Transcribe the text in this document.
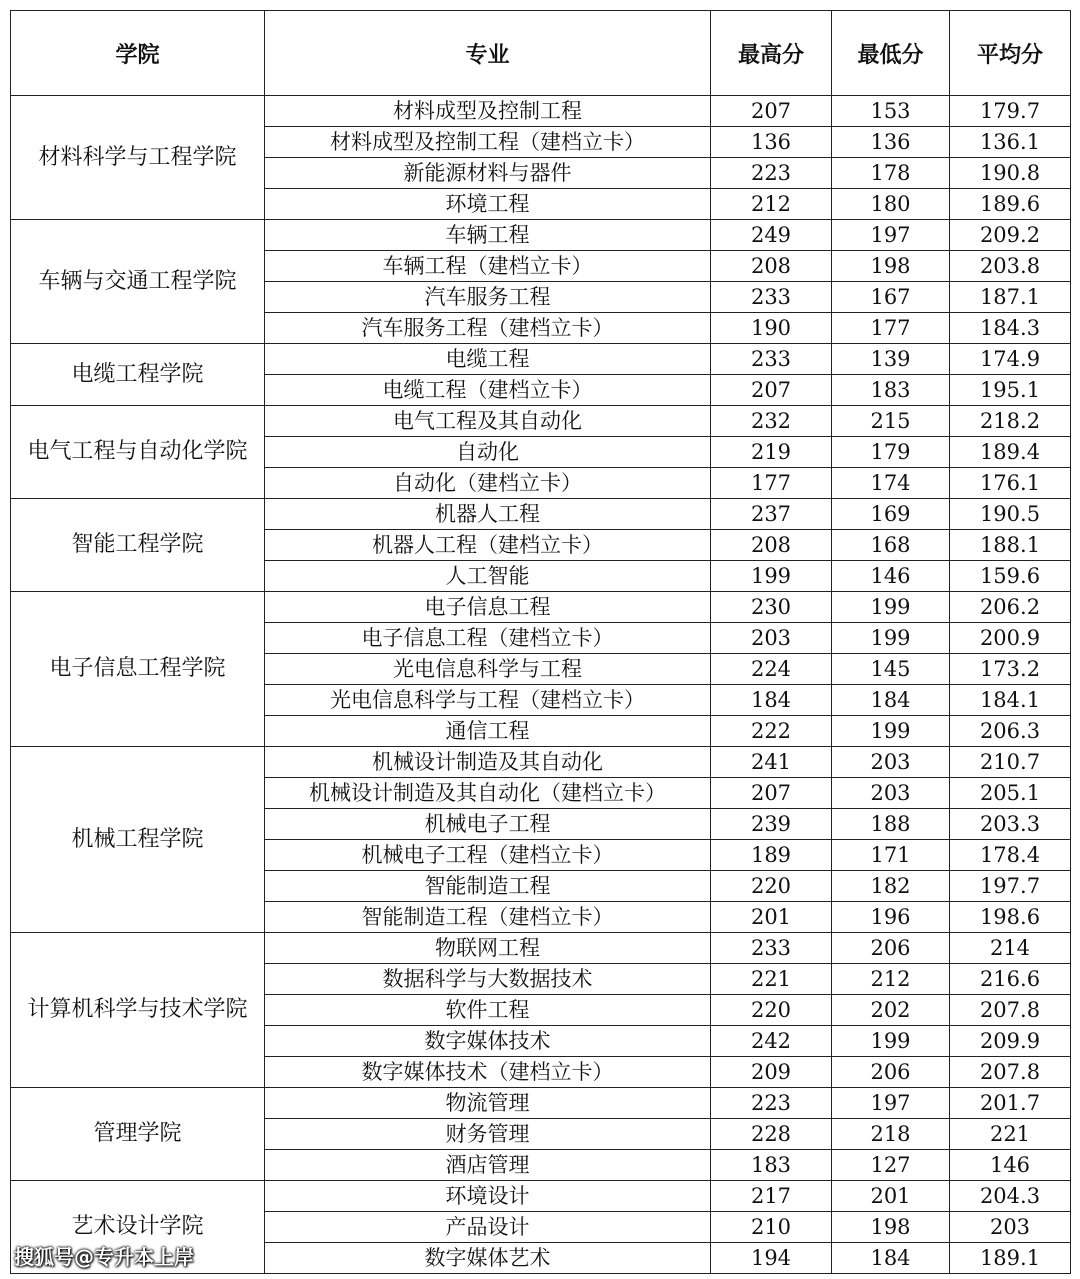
学院	专业	最高分	最低分	平均分
材料科学与工程学院	材料成型及控制工程	207	153	179.7
	材料成型及控制工程（建档立卡）	136	136	136.1
	新能源材料与器件	223	178	190.8
	环境工程	212	180	189.6
车辆与交通工程学院	车辆工程	249	197	209.2
	车辆工程（建档立卡）	208	198	203.8
	汽车服务工程	233	167	187.1
	汽车服务工程（建档立卡）	190	177	184.3
电缆工程学院	电缆工程	233	139	174.9
	电缆工程（建档立卡）	207	183	195.1
电气工程与自动化学院	电气工程及其自动化	232	215	218.2
	自动化	219	179	189.4
	自动化（建档立卡）	177	174	176.1
智能工程学院	机器人工程	237	169	190.5
	机器人工程（建档立卡）	208	168	188.1
	人工智能	199	146	159.6
电子信息工程学院	电子信息工程	230	199	206.2
	电子信息工程（建档立卡）	203	199	200.9
	光电信息科学与工程	224	145	173.2
	光电信息科学与工程（建档立卡）	184	184	184.1
	通信工程	222	199	206.3
机械工程学院	机械设计制造及其自动化	241	203	210.7
	机械设计制造及其自动化（建档立卡）	207	203	205.1
	机械电子工程	239	188	203.3
	机械电子工程（建档立卡）	189	171	178.4
	智能制造工程	220	182	197.7
	智能制造工程（建档立卡）	201	196	198.6
计算机科学与技术学院	物联网工程	233	206	214
	数据科学与大数据技术	221	212	216.6
	软件工程	220	202	207.8
	数字媒体技术	242	199	209.9
	数字媒体技术（建档立卡）	209	206	207.8
管理学院	物流管理	223	197	201.7
	财务管理	228	218	221
	酒店管理	183	127	146
艺术设计学院	环境设计	217	201	204.3
	产品设计	210	198	203
	数字媒体艺术	194	184	189.1
搜狐号@专升本上岸
